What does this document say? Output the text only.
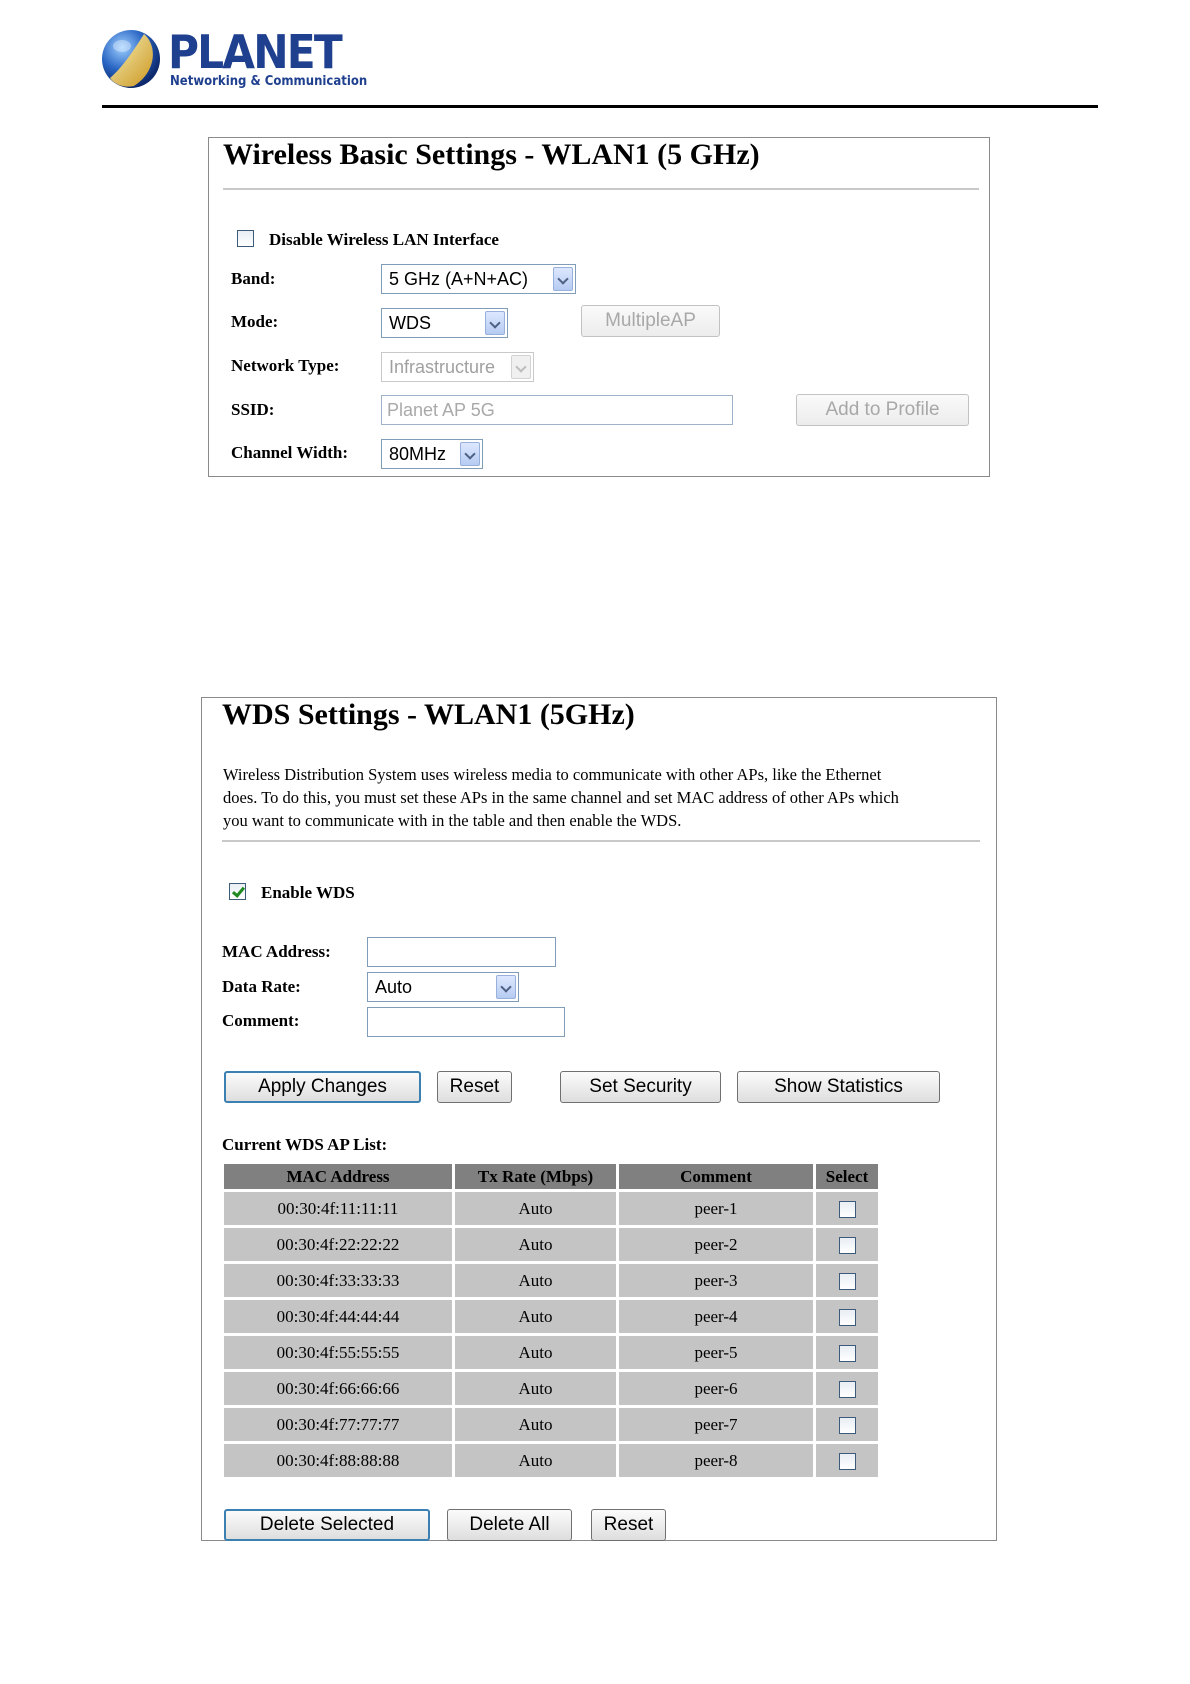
PLANET
Networking & Communication
Wireless Basic Settings - WLAN1 (5 GHz)
Disable Wireless LAN Interface
Band:	5 GHz (A+N+AC)
Mode:	WDS	MultipleAP
Network Type:	Infrastructure
SSID:	Planet AP 5G	Add to Profile
Channel Width: 80MHz
WDS Settings - WLAN1 (5GHz)
Wireless Distribution System uses wireless media to communicate with other APs, like the Ethernet
does. To do this, you must set these APs in the same channel and set MAC address of other APs which
you want to communicate with in the table and then enable the WDS.
Enable WDS
MAC Address:
Data Rate:	Auto
Comment:
Apply Changes	Reset	Set Security	Show Statistics
Current WDS AP List:
Delete Selected	Delete All	Reset
MAC Address	Tx Rate (Mbps)	Comment	Select
00:30:4f:11:11:11	Auto	peer-1	
00:30:4f:22:22:22	Auto	peer-2	
00:30:4f:33:33:33	Auto	peer-3	
00:30:4f:44:44:44	Auto	peer-4	
00:30:4f:55:55:55	Auto	peer-5	
00:30:4f:66:66:66	Auto	peer-6	
00:30:4f:77:77:77	Auto	peer-7	
00:30:4f:88:88:88	Auto	peer-8	
